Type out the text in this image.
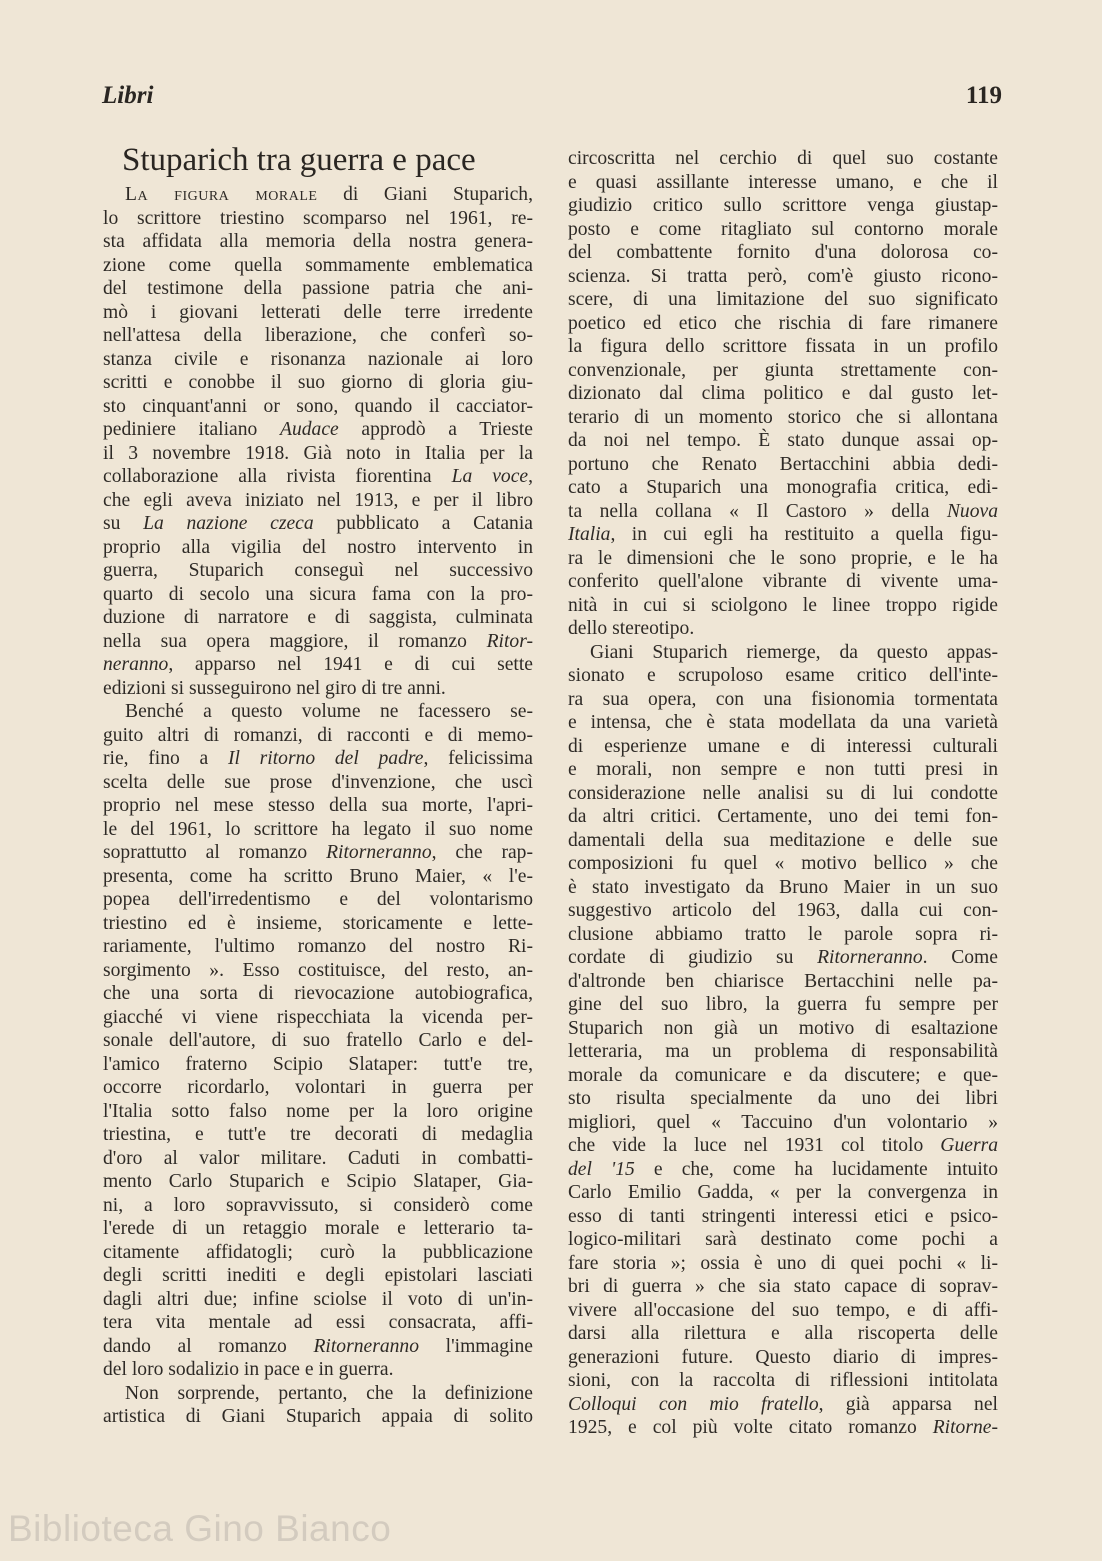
Libri	119
Stuparich tra guerra e pace
La figura morale di Giani Stuparich,
lo scrittore triestino scomparso nel 1961, re-
sta affidata alla memoria della nostra genera-
zione come quella sommamente emblematica
del testimone della passione patria che ani-
mò i giovani letterati delle terre irredente
nell'attesa della liberazione, che conferì so-
stanza civile e risonanza nazionale ai loro
scritti e conobbe il suo giorno di gloria giu-
sto cinquant'anni or sono, quando il cacciator-
pediniere italiano Audace approdò a Trieste
il 3 novembre 1918. Già noto in Italia per la
collaborazione alla rivista fiorentina La voce,
che egli aveva iniziato nel 1913, e per il libro
su La nazione czeca pubblicato a Catania
proprio alla vigilia del nostro intervento in
guerra, Stuparich conseguì nel successivo
quarto di secolo una sicura fama con la pro-
duzione di narratore e di saggista, culminata
nella sua opera maggiore, il romanzo Ritor-
neranno, apparso nel 1941 e di cui sette
edizioni si susseguirono nel giro di tre anni.
Benché a questo volume ne facessero se-
guito altri di romanzi, di racconti e di memo-
rie, fino a Il ritorno del padre, felicissima
scelta delle sue prose d'invenzione, che uscì
proprio nel mese stesso della sua morte, l'apri-
le del 1961, lo scrittore ha legato il suo nome
soprattutto al romanzo Ritorneranno, che rap-
presenta, come ha scritto Bruno Maier, « l'e-
popea dell'irredentismo e del volontarismo
triestino ed è insieme, storicamente e lette-
rariamente, l'ultimo romanzo del nostro Ri-
sorgimento ». Esso costituisce, del resto, an-
che una sorta di rievocazione autobiografica,
giacché vi viene rispecchiata la vicenda per-
sonale dell'autore, di suo fratello Carlo e del-
l'amico fraterno Scipio Slataper: tutt'e tre,
occorre ricordarlo, volontari in guerra per
l'Italia sotto falso nome per la loro origine
triestina, e tutt'e tre decorati di medaglia
d'oro al valor militare. Caduti in combatti-
mento Carlo Stuparich e Scipio Slataper, Gia-
ni, a loro sopravvissuto, si considerò come
l'erede di un retaggio morale e letterario ta-
citamente affidatogli; curò la pubblicazione
degli scritti inediti e degli epistolari lasciati
dagli altri due; infine sciolse il voto di un'in-
tera vita mentale ad essi consacrata, affi-
dando al romanzo Ritorneranno l'immagine
del loro sodalizio in pace e in guerra.
Non sorprende, pertanto, che la definizione
artistica di Giani Stuparich appaia di solito
circoscritta nel cerchio di quel suo costante
e quasi assillante interesse umano, e che il
giudizio critico sullo scrittore venga giustap-
posto e come ritagliato sul contorno morale
del combattente fornito d'una dolorosa co-
scienza. Si tratta però, com'è giusto ricono-
scere, di una limitazione del suo significato
poetico ed etico che rischia di fare rimanere
la figura dello scrittore fissata in un profilo
convenzionale, per giunta strettamente con-
dizionato dal clima politico e dal gusto let-
terario di un momento storico che si allontana
da noi nel tempo. È stato dunque assai op-
portuno che Renato Bertacchini abbia dedi-
cato a Stuparich una monografia critica, edi-
ta nella collana « Il Castoro » della Nuova
Italia, in cui egli ha restituito a quella figu-
ra le dimensioni che le sono proprie, e le ha
conferito quell'alone vibrante di vivente uma-
nità in cui si sciolgono le linee troppo rigide
dello stereotipo.
Giani Stuparich riemerge, da questo appas-
sionato e scrupoloso esame critico dell'inte-
ra sua opera, con una fisionomia tormentata
e intensa, che è stata modellata da una varietà
di esperienze umane e di interessi culturali
e morali, non sempre e non tutti presi in
considerazione nelle analisi su di lui condotte
da altri critici. Certamente, uno dei temi fon-
damentali della sua meditazione e delle sue
composizioni fu quel « motivo bellico » che
è stato investigato da Bruno Maier in un suo
suggestivo articolo del 1963, dalla cui con-
clusione abbiamo tratto le parole sopra ri-
cordate di giudizio su Ritorneranno. Come
d'altronde ben chiarisce Bertacchini nelle pa-
gine del suo libro, la guerra fu sempre per
Stuparich non già un motivo di esaltazione
letteraria, ma un problema di responsabilità
morale da comunicare e da discutere; e que-
sto risulta specialmente da uno dei libri
migliori, quel « Taccuino d'un volontario »
che vide la luce nel 1931 col titolo Guerra
del '15 e che, come ha lucidamente intuito
Carlo Emilio Gadda, « per la convergenza in
esso di tanti stringenti interessi etici e psico-
logico-militari sarà destinato come pochi a
fare storia »; ossia è uno di quei pochi « li-
bri di guerra » che sia stato capace di soprav-
vivere all'occasione del suo tempo, e di affi-
darsi alla rilettura e alla riscoperta delle
generazioni future. Questo diario di impres-
sioni, con la raccolta di riflessioni intitolata
Colloqui con mio fratello, già apparsa nel
1925, e col più volte citato romanzo Ritorne-
Biblioteca Gino Bianco
